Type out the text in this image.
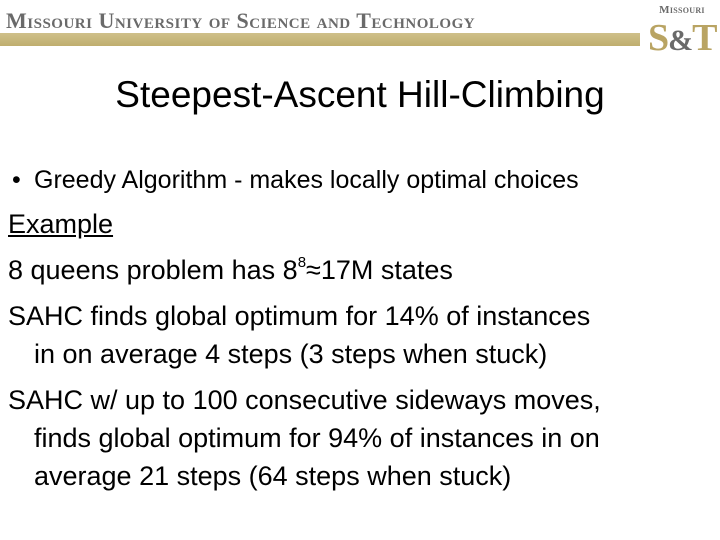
Missouri University of Science and Technology	Missouri
S&T
Steepest-Ascent Hill-Climbing
• Greedy Algorithm - makes locally optimal choices
Example
8 queens problem has $8^8\approx 17M$ states
SAHC finds global optimum for 14% of instances
in on average 4 steps (3 steps when stuck)
SAHC w/ up to 100 consecutive sideways moves,
finds global optimum for 94% of instances in on
average 21 steps (64 steps when stuck)
